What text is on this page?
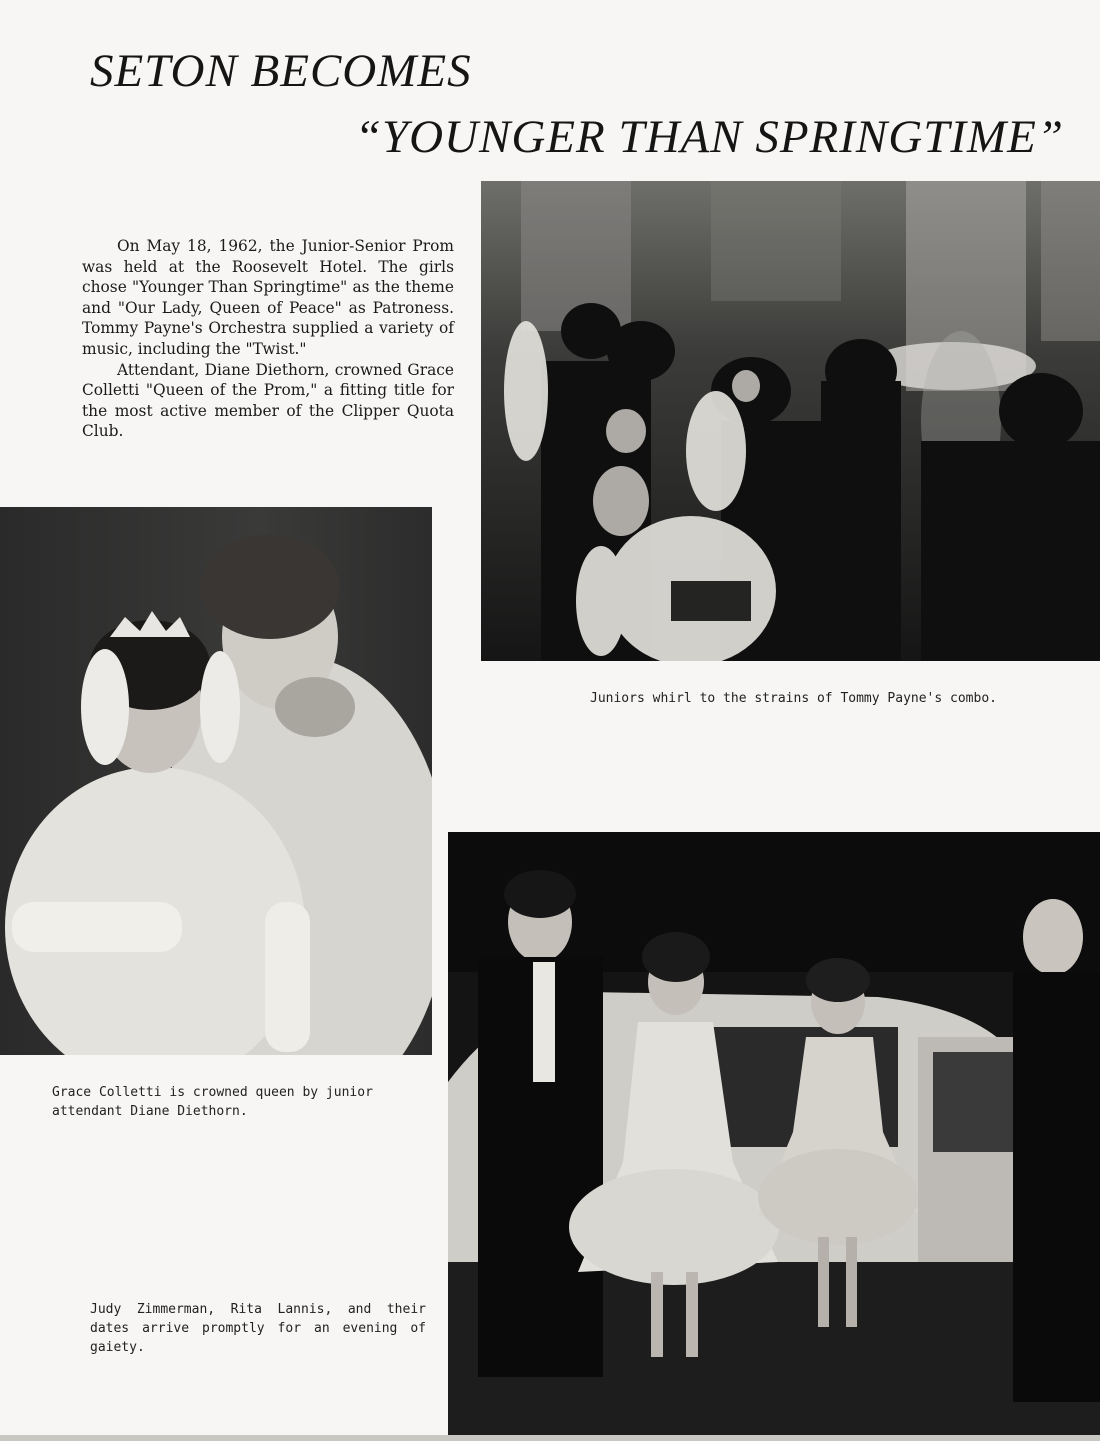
SETON BECOMES
“YOUNGER THAN SPRINGTIME”

On May 18, 1962, the Junior-Senior Prom was held at the Roosevelt Hotel. The girls chose "Younger Than Springtime" as the theme and "Our Lady, Queen of Peace" as Patroness. Tommy Payne's Orchestra supplied a variety of music, including the "Twist."

Attendant, Diane Diethorn, crowned Grace Colletti "Queen of the Prom," a fitting title for the most active member of the Clipper Quota Club.

Juniors whirl to the strains of Tommy Payne's combo.
Grace Colletti is crowned queen by junior attendant Diane Diethorn.
Judy Zimmerman, Rita Lannis, and their dates arrive promptly for an evening of gaiety.
